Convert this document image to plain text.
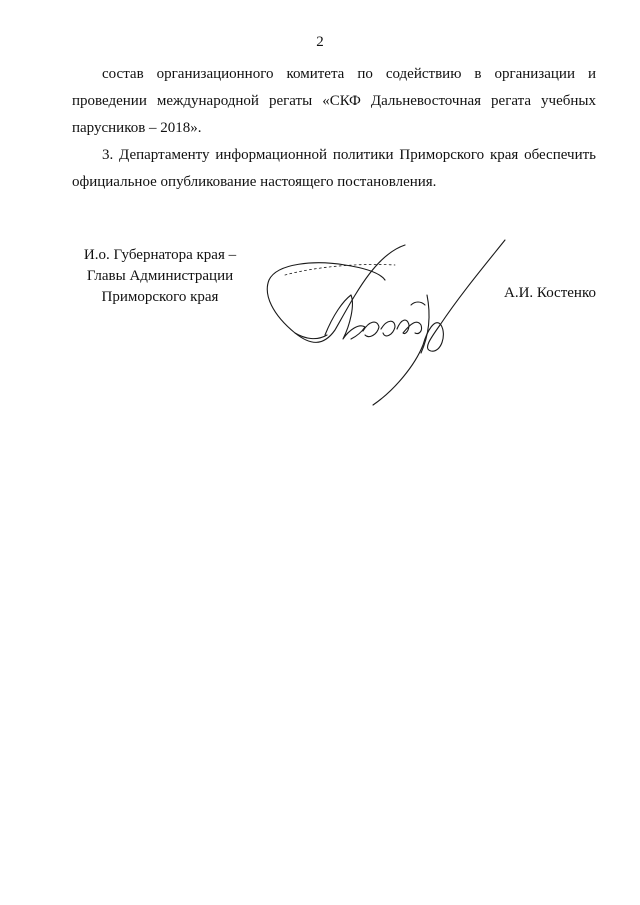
2

состав организационного комитета по содействию в организации и проведении международной регаты «СКФ Дальневосточная регата учебных парусников – 2018».

3. Департаменту информационной политики Приморского края обеспечить официальное опубликование настоящего постановления.

И.о. Губернатора края –
Главы Администрации
Приморского края	А.И. Костенко
